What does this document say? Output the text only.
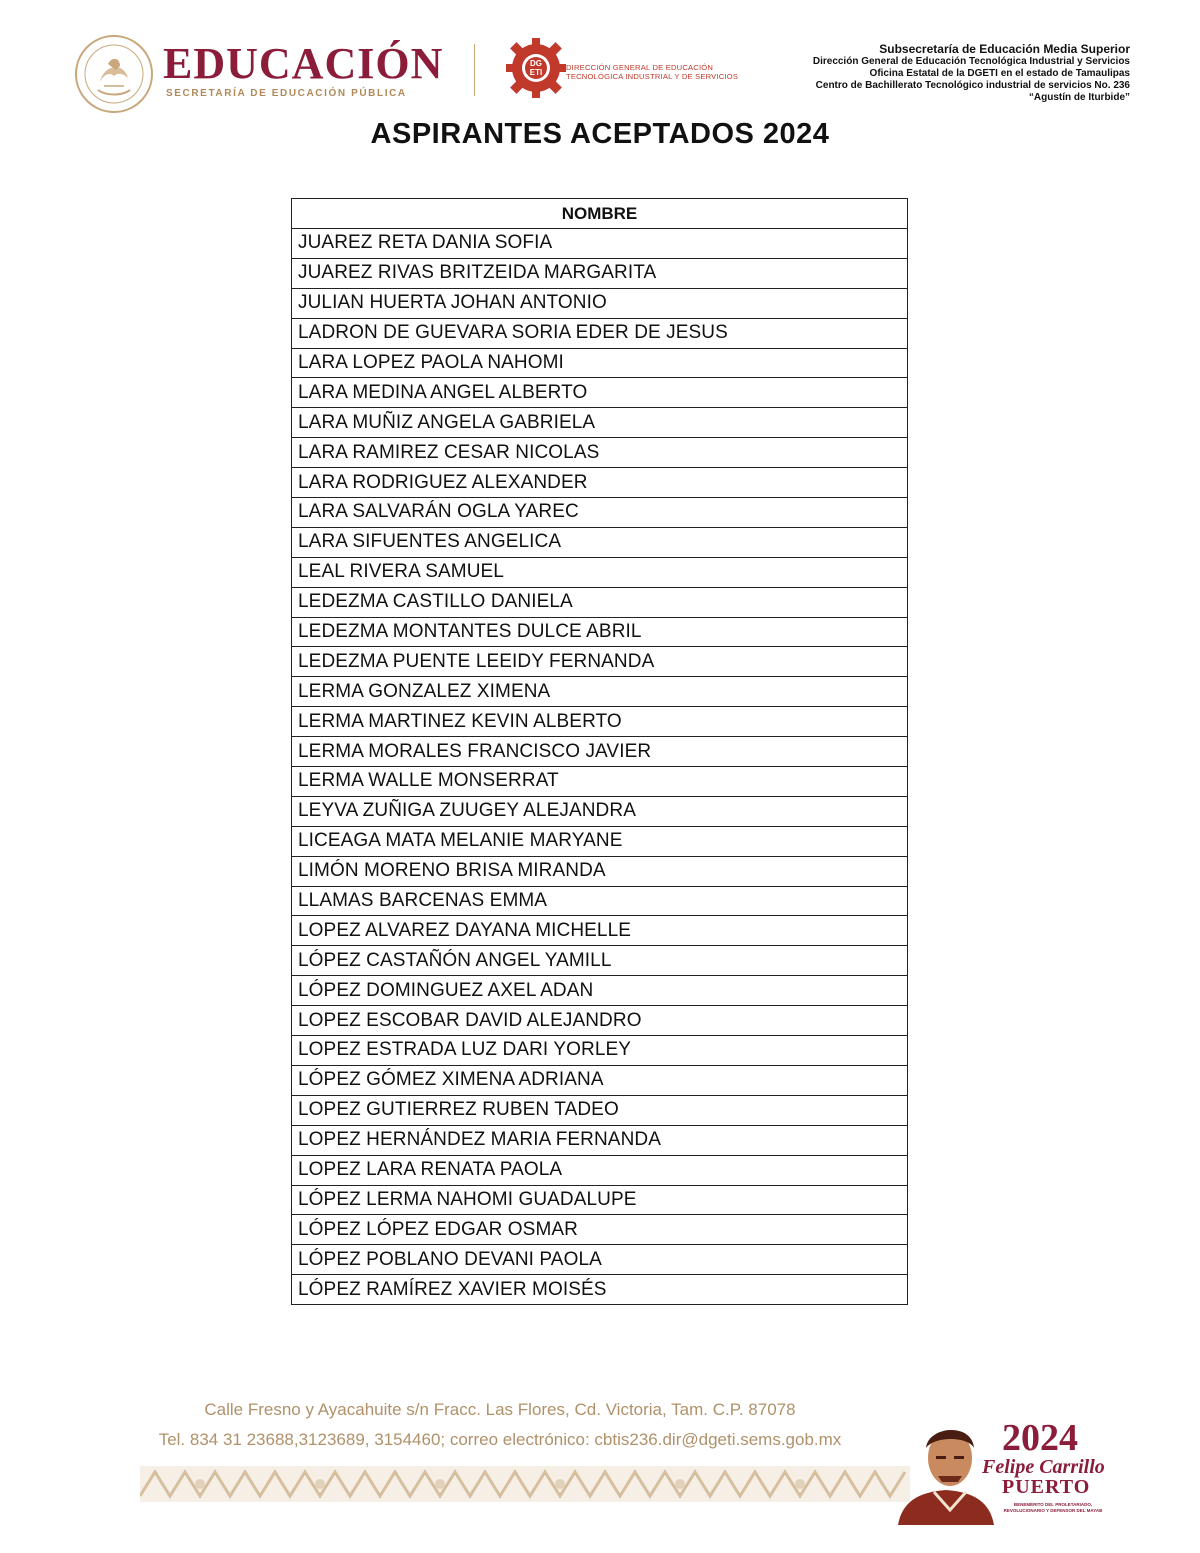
EDUCACIÓN
SECRETARÍA DE EDUCACIÓN PÚBLICA
DG
ETI
DIRECCIÓN GENERAL DE EDUCACIÓN
TECNOLÓGICA INDUSTRIAL Y DE SERVICIOS
Subsecretaría de Educación Media Superior
Dirección General de Educación Tecnológica Industrial y Servicios
Oficina Estatal de la DGETI en el estado de Tamaulipas
Centro de Bachillerato Tecnológico industrial de servicios No. 236
“Agustín de Iturbide”
ASPIRANTES ACEPTADOS 2024
NOMBRE
JUAREZ RETA DANIA SOFIA
JUAREZ RIVAS BRITZEIDA MARGARITA
JULIAN HUERTA JOHAN ANTONIO
LADRON DE GUEVARA SORIA EDER DE JESUS
LARA LOPEZ PAOLA NAHOMI
LARA MEDINA ANGEL ALBERTO
LARA MUÑIZ ANGELA GABRIELA
LARA RAMIREZ CESAR NICOLAS
LARA RODRIGUEZ ALEXANDER
LARA SALVARÁN OGLA YAREC
LARA SIFUENTES ANGELICA
LEAL RIVERA SAMUEL
LEDEZMA CASTILLO DANIELA
LEDEZMA MONTANTES DULCE ABRIL
LEDEZMA PUENTE LEEIDY FERNANDA
LERMA GONZALEZ XIMENA
LERMA MARTINEZ KEVIN ALBERTO
LERMA MORALES FRANCISCO JAVIER
LERMA WALLE MONSERRAT
LEYVA ZUÑIGA ZUUGEY ALEJANDRA
LICEAGA MATA MELANIE MARYANE
LIMÓN MORENO BRISA MIRANDA
LLAMAS BARCENAS EMMA
LOPEZ ALVAREZ DAYANA MICHELLE
LÓPEZ CASTAÑÓN ANGEL YAMILL
LÓPEZ DOMINGUEZ AXEL ADAN
LOPEZ ESCOBAR DAVID ALEJANDRO
LOPEZ ESTRADA LUZ DARI YORLEY
LÓPEZ GÓMEZ XIMENA ADRIANA
LOPEZ GUTIERREZ RUBEN TADEO
LOPEZ HERNÁNDEZ MARIA FERNANDA
LOPEZ LARA RENATA PAOLA
LÓPEZ LERMA NAHOMI GUADALUPE
LÓPEZ LÓPEZ EDGAR OSMAR
LÓPEZ POBLANO DEVANI PAOLA
LÓPEZ RAMÍREZ XAVIER MOISÉS
Calle Fresno y Ayacahuite s/n Fracc. Las Flores, Cd. Victoria, Tam. C.P. 87078
Tel. 834 31 23688,3123689, 3154460; correo electrónico: cbtis236.dir@dgeti.sems.gob.mx	2024
Felipe Carrillo
PUERTO
BENEMÉRITO DEL PROLETARIADO, REVOLUCIONARIO Y DEFENSOR DEL MAYAB
